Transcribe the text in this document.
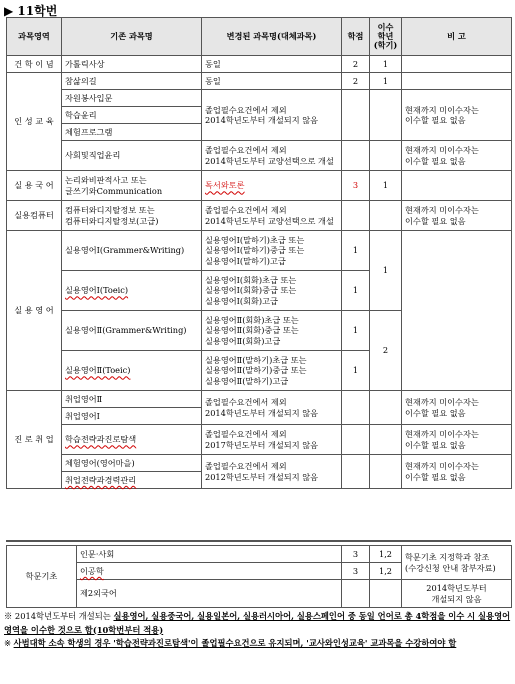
▶ 11학번
과목영역	기존 과목명	변경된 과목명(대체과목)	학점	이수
학년
(학기)	비 고
건 학 이 념	가톨릭사상	동일	2	1	
인 성 교 육	참삶의길	동일	2	1	
	자원봉사입문	졸업필수요건에서 제외
2014학년도부터 개설되지 않음			현재까지 미이수자는
이수할 필요 없음
	학습윤리				
	체험프로그램				
	사회및직업윤리	졸업필수요건에서 제외
2014학년도부터 교양선택으로 개설			현재까지 미이수자는
이수할 필요 없음
실 용 국 어	논리와비판적사고 또는
글쓰기와Communication	독서와토론	3	1	
실용컴퓨터	컴퓨터와디지탈정보 또는
컴퓨터와디지탈정보(고급)	졸업필수요건에서 제외
2014학년도부터 교양선택으로 개설			현재까지 미이수자는
이수할 필요 없음
실 용 영 어	실용영어Ⅰ(Grammer&Writing)	실용영어Ⅰ(말하기)초급 또는
실용영어Ⅰ(말하기)중급 또는
실용영어Ⅰ(말하기)고급	1	1	
	실용영어Ⅰ(Toeic)	실용영어Ⅰ(회화)초급 또는
실용영어Ⅰ(회화)중급 또는
실용영어Ⅰ(회화)고급	1		
	실용영어Ⅱ(Grammer&Writing)	실용영어Ⅱ(회화)초급 또는
실용영어Ⅱ(회화)중급 또는
실용영어Ⅱ(회화)고급	1	2	
	실용영어Ⅱ(Toeic)	실용영어Ⅱ(말하기)초급 또는
실용영어Ⅱ(말하기)중급 또는
실용영어Ⅱ(말하기)고급	1		
진 로 취 업	취업영어Ⅱ	졸업필수요건에서 제외
2014학년도부터 개설되지 않음			현재까지 미이수자는
이수할 필요 없음
	취업영어Ⅰ				
	학습전략과진로탐색	졸업필수요건에서 제외
2017학년도부터 개설되지 않음			현재까지 미이수자는
이수할 필요 없음
	체험영어(영어마을)	졸업필수요건에서 제외
2012학년도부터 개설되지 않음			현재까지 미이수자는
이수할 필요 없음
	취업전략과경력관리				
학문기초	인문·사회	3	1,2	학문기초 지정학과 참조
(수강신청 안내 참부자료)
	이공학	3	1,2	
	제2외국어			2014학년도부터
개설되지 않음
※ 2014학년도부터 개설되는 실용영어, 실용중국어, 실용일본어, 실용러시아어, 실용스페인어 중 동일 언어로 총 4학점을 이수 시 실용영어 영역을 이수한 것으로 함(10학번부터 적용)
※ 사범대학 소속 학생의 경우 '학습전략과진로탐색'이 졸업필수요건으로 유지되며, '교사와인성교육' 교과목을 수강하여야 함
